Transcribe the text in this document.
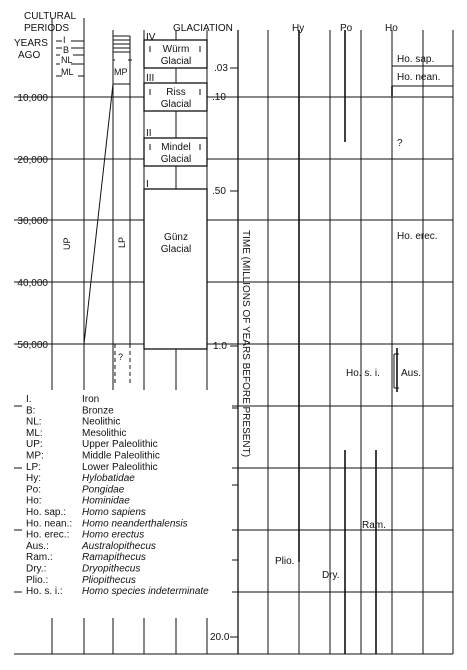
CULTURAL
PERIODS
YEARS
AGO
GLACIATION	Hy	Po	Ho
10,000
20,000
30,000
40,000
50,000
I
B
NL
ML	MP
?
LP
UP
IV
Würm
Glacial
III
Riss
Glacial
II
Mindel
Glacial
I
Günz
Glacial
.03
.10
.50
1.0
20.0
TIME (MILLIONS OF YEARS BEFORE PRESENT)
Ho. sap.
Ho. nean.
?
Ho. erec.
Ho. s. i. Aus.
Ram.
Plio.
Dry.
I.	Iron
B:	Bronze
NL:	Neolithic
ML:	Mesolithic
UP:	Upper Paleolithic
MP:	Middle Paleolithic
LP:	Lower Paleolithic
Hy:	Hylobatidae
Po:	Pongidae
Ho:	Hominidae
Ho. sap.: Homo sapiens
Ho. nean.: Homo neanderthalensis
Ho. erec.: Homo erectus
Aus.:	Australopithecus
Ram.:	Ramapithecus
Dry.:	Dryopithecus
Plio.:	Pliopithecus
Ho. s. i.: Homo species indeterminate
